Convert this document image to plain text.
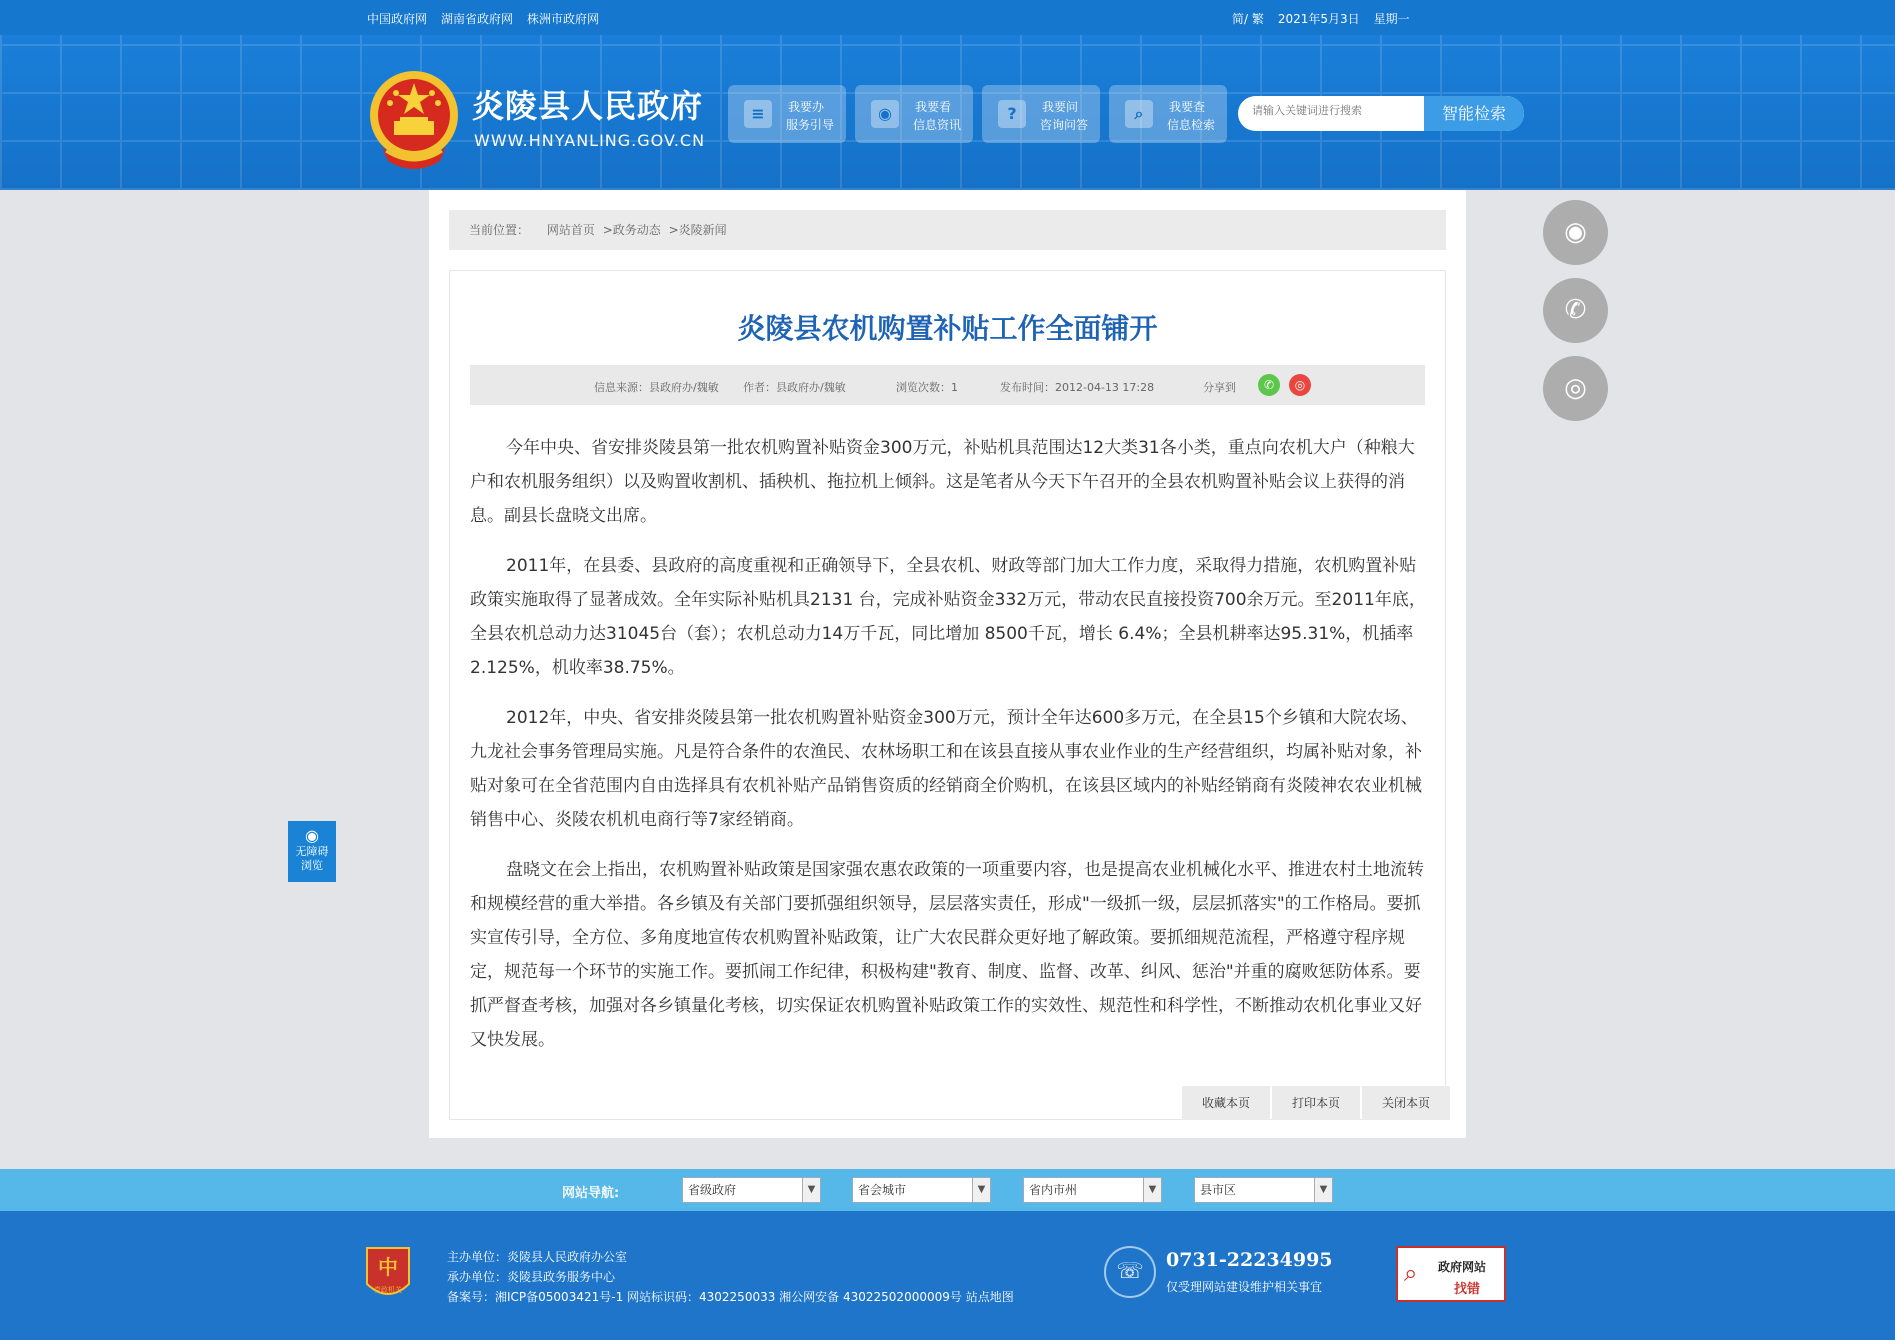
中国政府网 湖南省政府网 株洲市政府网	简/ 繁 2021年5月3日 星期一
炎陵县人民政府
WWW.HNYANLING.GOV.CN
≡	我要办
服务引导
◉	我要看
信息资讯
?	我要问
咨询问答
⌕	我要查
信息检索
请输入关键词进行搜索
智能检索
当前位置： 网站首页 >政务动态 >炎陵新闻
炎陵县农机购置补贴工作全面铺开
信息来源：县政府办/魏敏 作者：县政府办/魏敏	浏览次数：1	发布时间：2012-04-13 17:28	分享到	✆	◎

今年中央、省安排炎陵县第一批农机购置补贴资金300万元，补贴机具范围达12大类31各小类，重点向农机大户（种粮大户和农机服务组织）以及购置收割机、插秧机、拖拉机上倾斜。这是笔者从今天下午召开的全县农机购置补贴会议上获得的消息。副县长盘晓文出席。

2011年，在县委、县政府的高度重视和正确领导下，全县农机、财政等部门加大工作力度，采取得力措施，农机购置补贴政策实施取得了显著成效。全年实际补贴机具2131 台，完成补贴资金332万元，带动农民直接投资700余万元。至2011年底，全县农机总动力达31045台（套）；农机总动力14万千瓦，同比增加 8500千瓦，增长 6.4%；全县机耕率达95.31%，机插率2.125%，机收率38.75%。

2012年，中央、省安排炎陵县第一批农机购置补贴资金300万元，预计全年达600多万元，在全县15个乡镇和大院农场、九龙社会事务管理局实施。凡是符合条件的农渔民、农林场职工和在该县直接从事农业作业的生产经营组织，均属补贴对象，补贴对象可在全省范围内自由选择具有农机补贴产品销售资质的经销商全价购机，在该县区域内的补贴经销商有炎陵神农农业机械销售中心、炎陵农机机电商行等7家经销商。

盘晓文在会上指出，农机购置补贴政策是国家强农惠农政策的一项重要内容，也是提高农业机械化水平、推进农村土地流转和规模经营的重大举措。各乡镇及有关部门要抓强组织领导，层层落实责任，形成"一级抓一级，层层抓落实"的工作格局。要抓实宣传引导，全方位、多角度地宣传农机购置补贴政策，让广大农民群众更好地了解政策。要抓细规范流程，严格遵守程序规定，规范每一个环节的实施工作。要抓闹工作纪律，积极构建"教育、制度、监督、改革、纠风、惩治"并重的腐败惩防体系。要抓严督查考核，加强对各乡镇量化考核，切实保证农机购置补贴政策工作的实效性、规范性和科学性，不断推动农机化事业又好又快发展。

收藏本页	打印本页	关闭本页
◉
✆
◎
◉
无障碍
浏览
网站导航:	省级政府	▼	省会城市	▼	省内市州	▼	县市区	▼
中
党政机关
主办单位：炎陵县人民政府办公室
承办单位：炎陵县政务服务中心
备案号：湘ICP备05003421号-1 网站标识码：4302250033 湘公网安备 43022502000009号 站点地图
☏	0731-22234995
仅受理网站建设维护相关事宜	⌕	政府网站
找错
